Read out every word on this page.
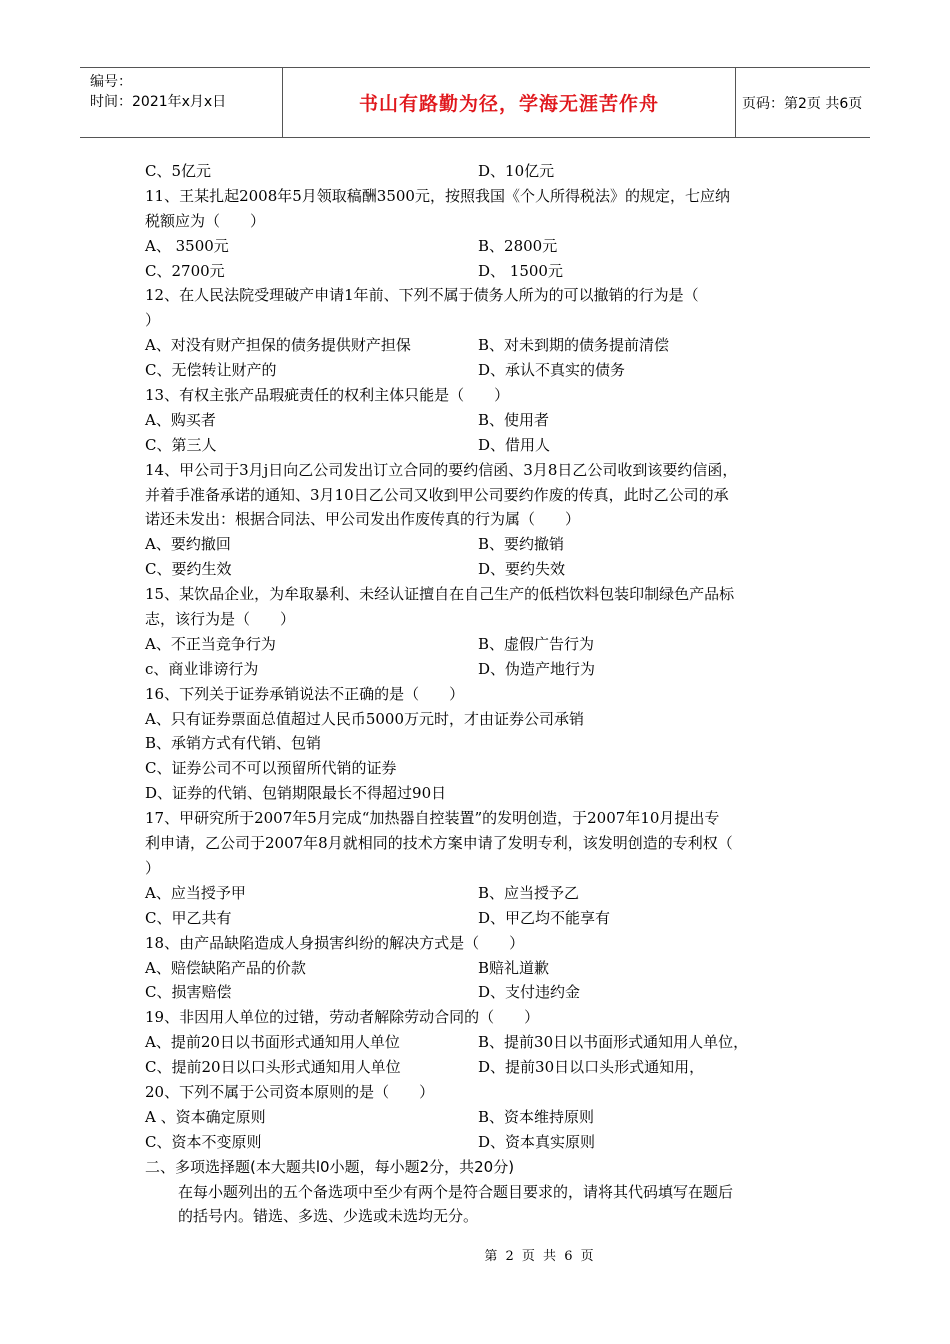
编号：
时间：2021年x月x日	书山有路勤为径，学海无涯苦作舟	页码：第2页 共6页
C、5亿元	D、10亿元
11、王某扎起2008年5月领取稿酬3500元，按照我国《个人所得税法》的规定，七应纳
税额应为（　　）
A、 3500元	B、2800元
C、2700元	D、 1500元
12、在人民法院受理破产申请1年前、下列不属于债务人所为的可以撤销的行为是（
）
A、对没有财产担保的债务提供财产担保	B、对未到期的债务提前清偿
C、无偿转让财产的	D、承认不真实的债务
13、有权主张产品瑕疵责任的权利主体只能是（　　）
A、购买者	B、使用者
C、第三人	D、借用人
14、甲公司于3月j日向乙公司发出订立合同的要约信函、3月8日乙公司收到该要约信函，
并着手准备承诺的通知、3月10日乙公司又收到甲公司要约作废的传真，此时乙公司的承
诺还未发出：根据合同法、甲公司发出作废传真的行为属（　　）
A、要约撤回	B、要约撤销
C、要约生效	D、要约失效
15、某饮品企业，为牟取暴利、未经认证擅自在自己生产的低档饮料包装印制绿色产品标
志，该行为是（　　）
A、不正当竞争行为	B、虚假广告行为
c、商业诽谤行为	D、伪造产地行为
16、下列关于证券承销说法不正确的是（　　）
A、只有证券票面总值超过人民币5000万元时，才由证券公司承销
B、承销方式有代销、包销
C、证券公司不可以预留所代销的证券
D、证券的代销、包销期限最长不得超过90日
17、甲研究所于2007年5月完成“加热器自控装置”的发明创造，于2007年10月提出专
利申请，乙公司于2007年8月就相同的技术方案申请了发明专利，该发明创造的专利权（
）
A、应当授予甲	B、应当授予乙
C、甲乙共有	D、甲乙均不能享有
18、由产品缺陷造成人身损害纠纷的解决方式是（　　）
A、赔偿缺陷产品的价款	B赔礼道歉
C、损害赔偿	D、支付违约金
19、非因用人单位的过错，劳动者解除劳动合同的（　　）
A、提前20日以书面形式通知用人单位	B、提前30日以书面形式通知用人单位，
C、提前20日以口头形式通知用人单位	D、提前30日以口头形式通知用，
20、下列不属于公司资本原则的是（　　）
A 、资本确定原则	B、资本维持原则
C、资本不变原则	D、资本真实原则
二、多项选择题(本大题共l0小题，每小题2分，共20分)
在每小题列出的五个备选项中至少有两个是符合题目要求的，请将其代码填写在题后
的括号内。错选、多选、少选或未选均无分。
第 2 页 共 6 页
